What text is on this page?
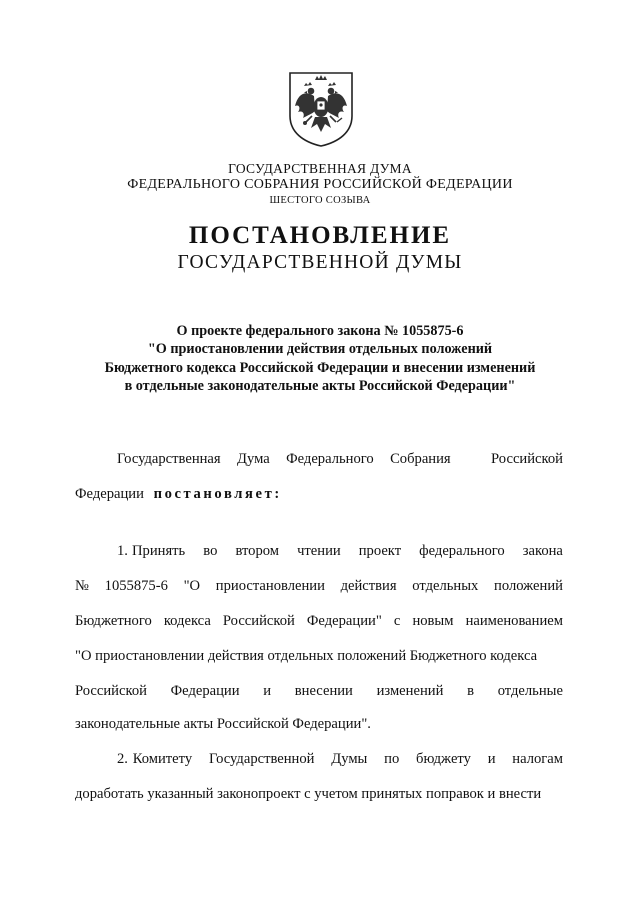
ГОСУДАРСТВЕННАЯ ДУМА
ФЕДЕРАЛЬНОГО СОБРАНИЯ РОССИЙСКОЙ ФЕДЕРАЦИИ
ШЕСТОГО СОЗЫВА
ПОСТАНОВЛЕНИЕ
ГОСУДАРСТВЕННОЙ ДУМЫ
О проекте федерального закона № 1055875-6
"О приостановлении действия отдельных положений
Бюджетного кодекса Российской Федерации и внесении изменений
в отдельные законодательные акты Российской Федерации"
Государственная Дума Федерального Собрания	Российской
Федерации постановляет:
1. Принять во втором чтении проект федерального закона
№ 1055875-6 "О приостановлении действия отдельных положений
Бюджетного кодекса Российской Федерации" с новым наименованием
"О приостановлении действия отдельных положений Бюджетного кодекса
Российской Федерации и внесении изменений в отдельные
законодательные акты Российской Федерации".
2. Комитету Государственной Думы по бюджету и налогам
доработать указанный законопроект с учетом принятых поправок и внести
